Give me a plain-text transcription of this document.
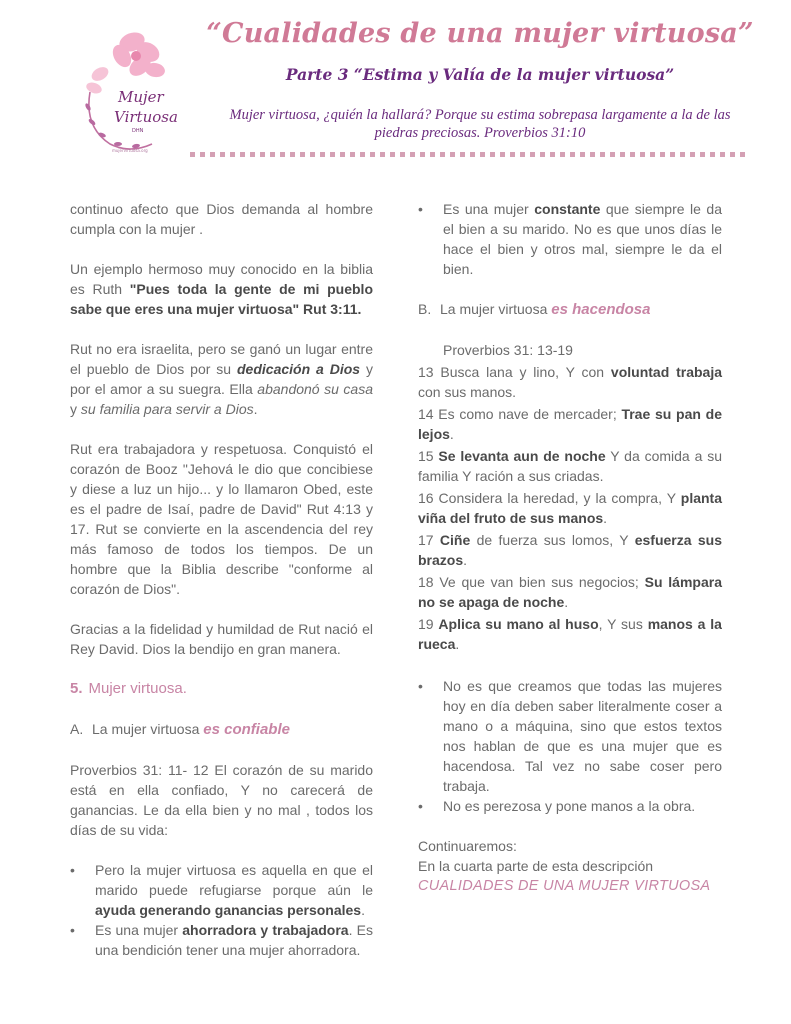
Mujer
Virtuosa
DHN
mujervirtuosa.org
“Cualidades de una mujer virtuosa”
Parte 3 “Estima y Valía de la mujer virtuosa”
Mujer virtuosa, ¿quién la hallará? Porque su estima sobrepasa largamente a la de las piedras preciosas. Proverbios 31:10

continuo afecto que Dios demanda al hombre cumpla con la mujer .

Un ejemplo hermoso muy conocido en la biblia es Ruth "Pues toda la gente de mi pueblo sabe que eres una mujer virtuosa" Rut 3:11.

Rut no era israelita, pero se ganó un lugar entre el pueblo de Dios por su dedicación a Dios y por el amor a su suegra. Ella abandonó su casa y su familia para servir a Dios.

Rut era trabajadora y respetuosa. Conquistó el corazón de Booz "Jehová le dio que concibiese y diese a luz un hijo... y lo llamaron Obed, este es el padre de Isaí, padre de David" Rut 4:13 y 17. Rut se convierte en la ascendencia del rey más famoso de todos los tiempos. De un hombre que la Biblia describe "conforme al corazón de Dios".

Gracias a la fidelidad y humildad de Rut nació el Rey David. Dios la bendijo en gran manera.

5. Mujer virtuosa.
A. La mujer virtuosa es confiable

Proverbios 31: 11- 12 El corazón de su marido está en ella confiado, Y no carecerá de ganancias. Le da ella bien y no mal , todos los días de su vida:

• Pero la mujer virtuosa es aquella en que el marido puede refugiarse porque aún le ayuda generando ganancias personales.
• Es una mujer ahorradora y trabajadora. Es una bendición tener una mujer ahorradora.
• Es una mujer constante que siempre le da el bien a su marido. No es que unos días le hace el bien y otros mal, siempre le da el bien.
B. La mujer virtuosa es hacendosa
Proverbios 31: 13-19
13 Busca lana y lino, Y con voluntad trabaja con sus manos.
14 Es como nave de mercader; Trae su pan de lejos.
15 Se levanta aun de noche Y da comida a su familia Y ración a sus criadas.
16 Considera la heredad, y la compra, Y planta viña del fruto de sus manos.
17 Ciñe de fuerza sus lomos, Y esfuerza sus brazos.
18 Ve que van bien sus negocios; Su lámpara no se apaga de noche.
19 Aplica su mano al huso, Y sus manos a la rueca.
• No es que creamos que todas las mujeres hoy en día deben saber literalmente coser a mano o a máquina, sino que estos textos nos hablan de que es una mujer que es hacendosa. Tal vez no sabe coser pero trabaja.
• No es perezosa y pone manos a la obra.
Continuaremos:
En la cuarta parte de esta descripción
CUALIDADES DE UNA MUJER VIRTUOSA
